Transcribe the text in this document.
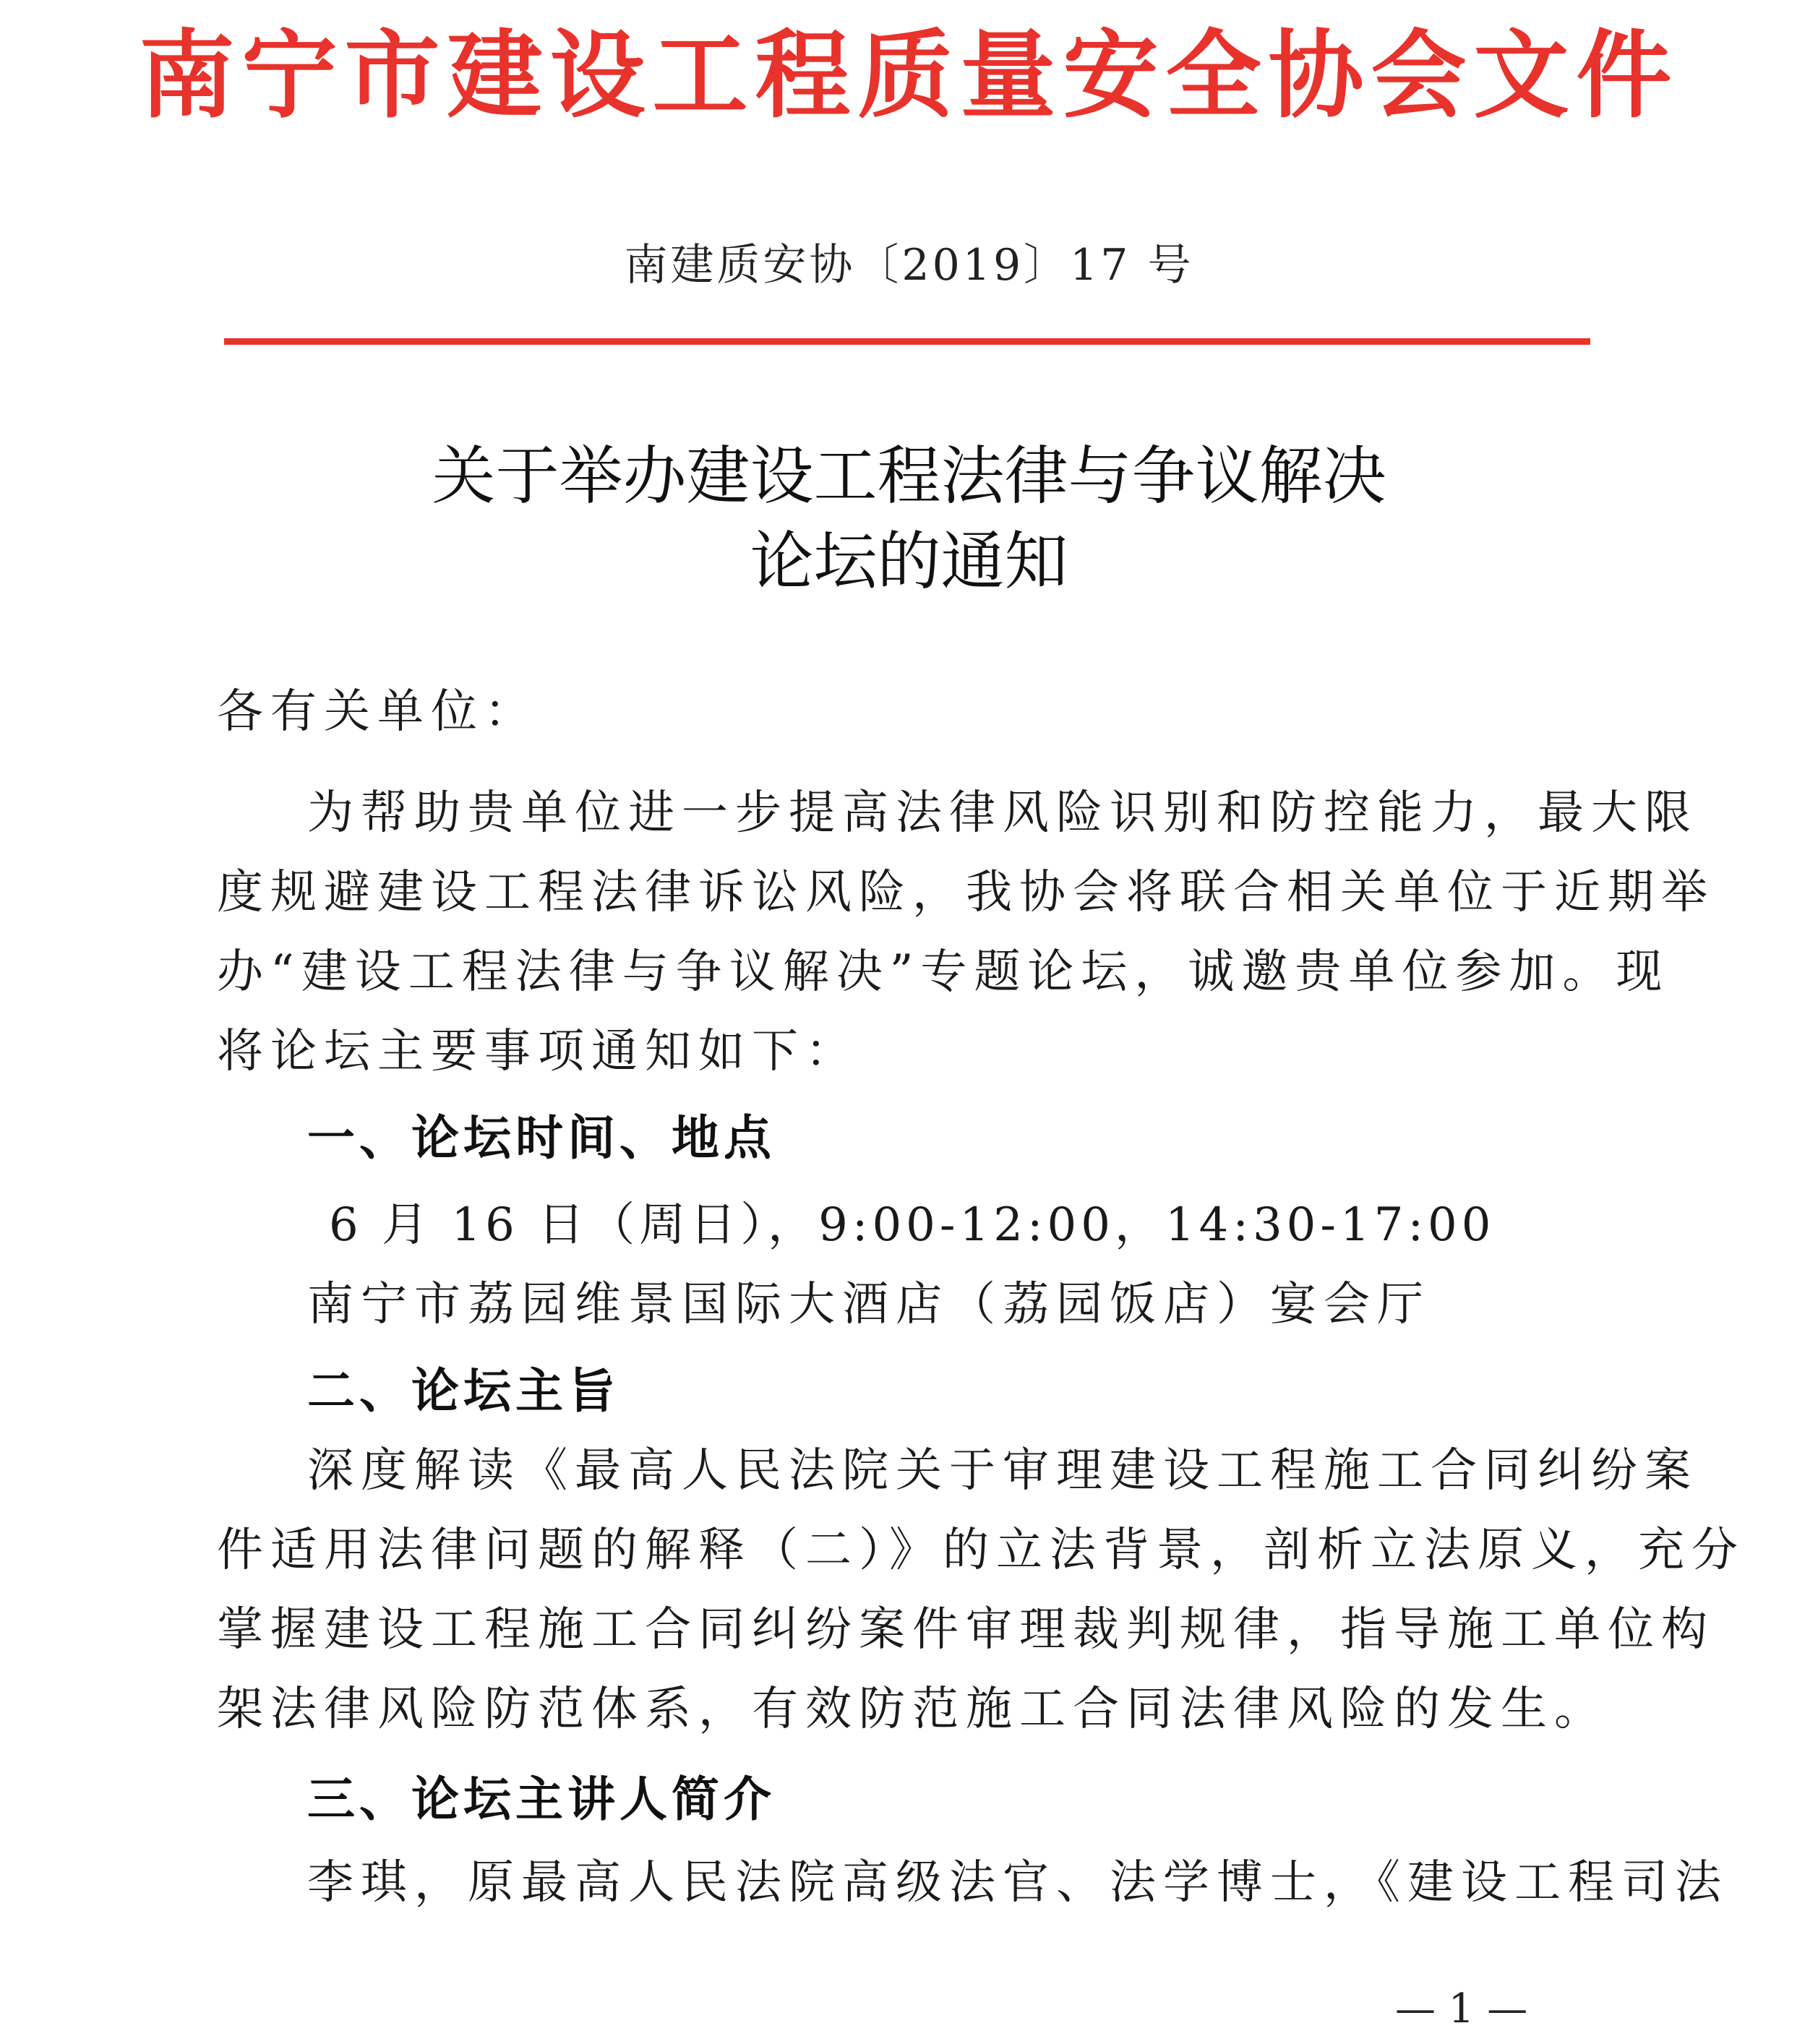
南宁市建设工程质量安全协会文件
南建质安协〔2019〕17 号
关于举办建设工程法律与争议解决
论坛的通知
各有关单位：
为帮助贵单位进一步提高法律风险识别和防控能力，最大限
度规避建设工程法律诉讼风险，我协会将联合相关单位于近期举
办“建设工程法律与争议解决”专题论坛，诚邀贵单位参加。现
将论坛主要事项通知如下：
一、论坛时间、地点
6 月 16 日（周日），9:00-12:00，14:30-17:00
南宁市荔园维景国际大酒店（荔园饭店）宴会厅
二、论坛主旨
深度解读《最高人民法院关于审理建设工程施工合同纠纷案
件适用法律问题的解释（二）》的立法背景，剖析立法原义，充分
掌握建设工程施工合同纠纷案件审理裁判规律，指导施工单位构
架法律风险防范体系，有效防范施工合同法律风险的发生。
三、论坛主讲人简介
李琪，原最高人民法院高级法官、法学博士，《建设工程司法
— 1 —
